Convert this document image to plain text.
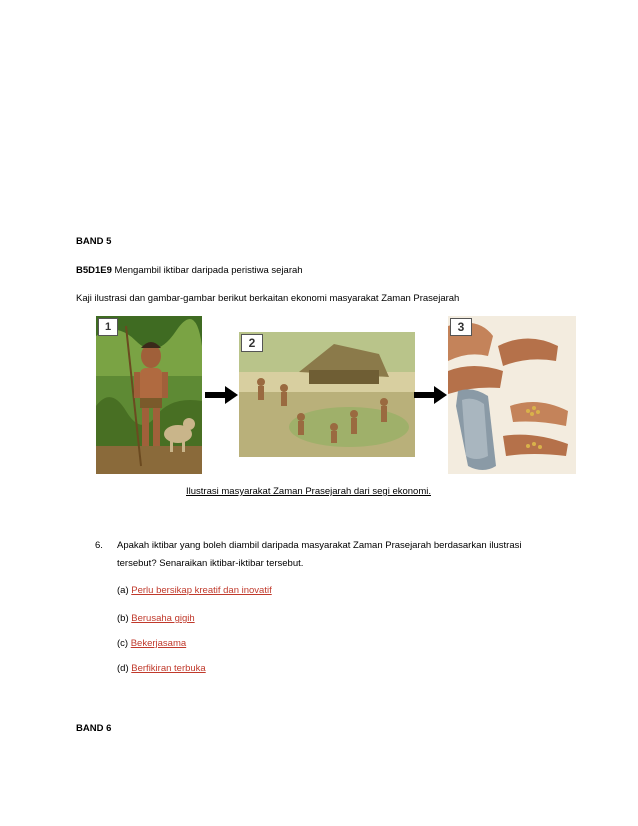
BAND 5
B5D1E9 Mengambil iktibar daripada peristiwa sejarah
Kaji ilustrasi dan gambar-gambar berikut berkaitan ekonomi masyarakat Zaman Prasejarah
1
2
3
Ilustrasi masyarakat Zaman Prasejarah dari segi ekonomi.
6. Apakah iktibar yang boleh diambil daripada masyarakat Zaman Prasejarah berdasarkan ilustrasi
tersebut? Senaraikan iktibar-iktibar tersebut.
(a) Perlu bersikap kreatif dan inovatif
(b) Berusaha gigih
(c) Bekerjasama
(d) Berfikiran terbuka
BAND 6
